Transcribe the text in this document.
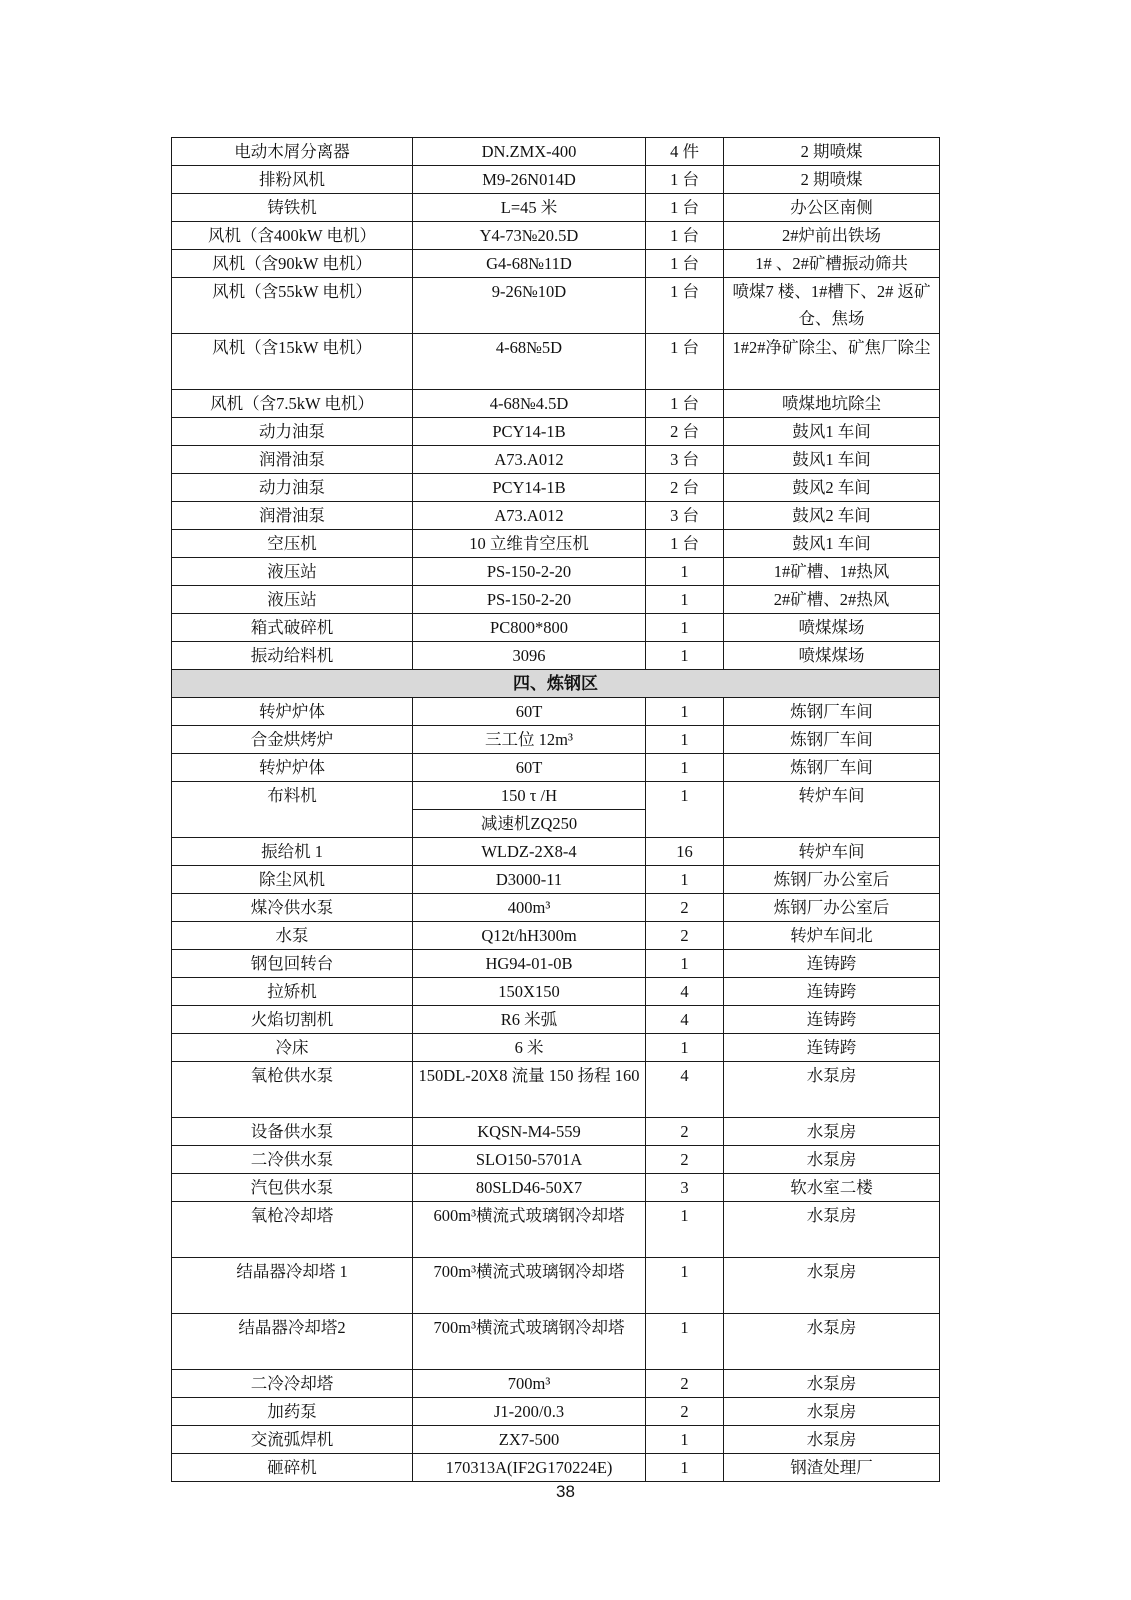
电动木屑分离器	DN.ZMX-400	4 件	2 期喷煤
排粉风机	M9-26N014D	1 台	2 期喷煤
铸铁机	L=45 米	1 台	办公区南侧
风机（含400kW 电机）	Y4-73№20.5D	1 台	2#炉前出铁场
风机（含90kW 电机）	G4-68№11D	1 台	1# 、2#矿槽振动筛共
风机（含55kW 电机）	9-26№10D	1 台	喷煤7 楼、1#槽下、2# 返矿仓、焦场
风机（含15kW 电机）	4-68№5D	1 台	1#2#净矿除尘、矿焦厂除尘
风机（含7.5kW 电机）	4-68№4.5D	1 台	喷煤地坑除尘
动力油泵	PCY14-1B	2 台	鼓风1 车间
润滑油泵	A73.A012	3 台	鼓风1 车间
动力油泵	PCY14-1B	2 台	鼓风2 车间
润滑油泵	A73.A012	3 台	鼓风2 车间
空压机	10 立维肯空压机	1 台	鼓风1 车间
液压站	PS-150-2-20	1	1#矿槽、1#热风
液压站	PS-150-2-20	1	2#矿槽、2#热风
箱式破碎机	PC800*800	1	喷煤煤场
振动给料机	3096	1	喷煤煤场
四、炼钢区			
转炉炉体	60T	1	炼钢厂车间
合金烘烤炉	三工位 12m³	1	炼钢厂车间
转炉炉体	60T	1	炼钢厂车间
布料机	150 τ /H	1	转炉车间
	减速机ZQ250		
振给机 1	WLDZ-2X8-4	16	转炉车间
除尘风机	D3000-11	1	炼钢厂办公室后
煤冷供水泵	400m³	2	炼钢厂办公室后
水泵	Q12t/hH300m	2	转炉车间北
钢包回转台	HG94-01-0B	1	连铸跨
拉矫机	150X150	4	连铸跨
火焰切割机	R6 米弧	4	连铸跨
冷床	6 米	1	连铸跨
氧枪供水泵	150DL-20X8 流量 150 扬程 160	4	水泵房
设备供水泵	KQSN-M4-559	2	水泵房
二冷供水泵	SLO150-5701A	2	水泵房
汽包供水泵	80SLD46-50X7	3	软水室二楼
氧枪冷却塔	600m³横流式玻璃钢冷却塔	1	水泵房
结晶器冷却塔 1	700m³横流式玻璃钢冷却塔	1	水泵房
结晶器冷却塔2	700m³横流式玻璃钢冷却塔	1	水泵房
二冷冷却塔	700m³	2	水泵房
加药泵	J1-200/0.3	2	水泵房
交流弧焊机	ZX7-500	1	水泵房
砸碎机	170313A(IF2G170224E)	1	钢渣处理厂
38
